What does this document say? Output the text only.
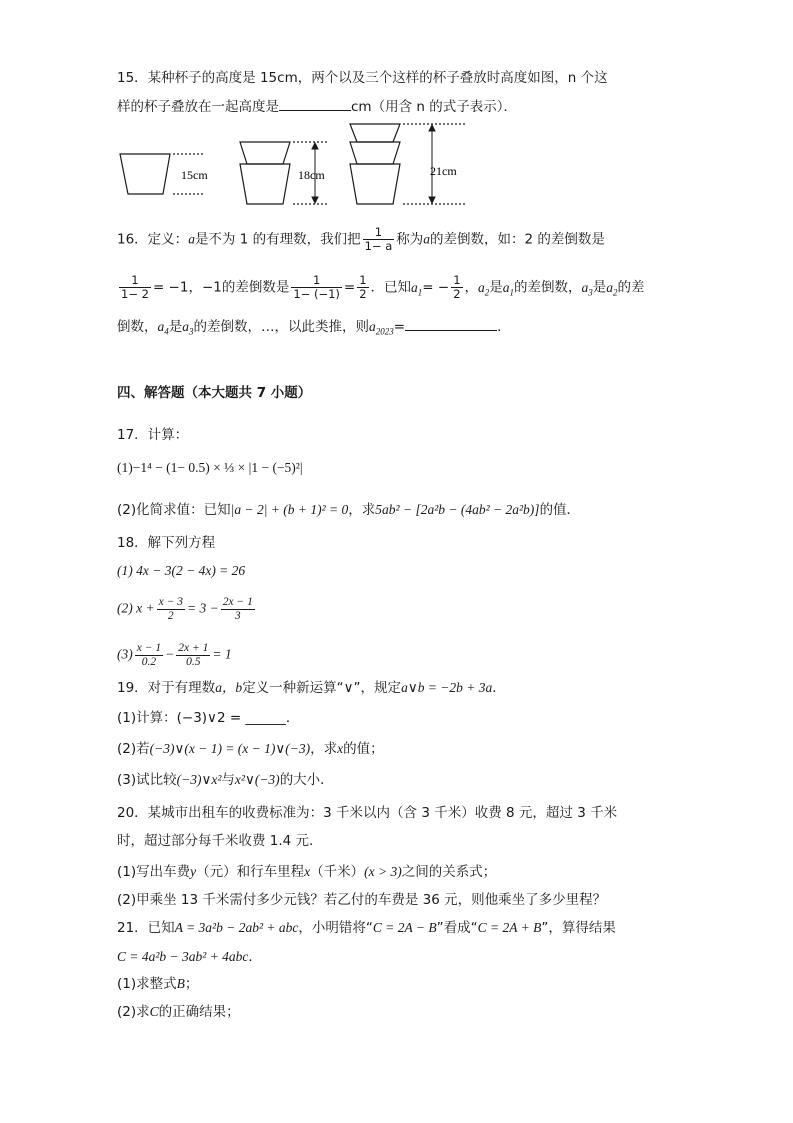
15．某种杯子的高度是 15cm，两个以及三个这样的杯子叠放时高度如图，n 个这
样的杯子叠放在一起高度是	cm（用含 n 的式子表示）．
15cm	18cm	21cm
16．定义：a是不为 1 的有理数，我们把 $\frac{1}{1- a}$ 称为a的差倒数，如：2 的差倒数是
$\frac{1}{1- 2} = -1$，−1的差倒数是 $\frac{1}{1- (-1)} = \frac{1}{2}$ ．已知$a_1= - \frac{1}{2}$ ，$a_2$是$a_1$的差倒数，$a_3$是$a_2$的差
倒数，$a_4$是$a_3$的差倒数，…，以此类推，则$a_{2023}=$	．
四、解答题（本大题共 7 小题）
17．计算：
(1)−1⁴ − (1− 0.5) × ⅓ × |1 − (−5)²|
(2)化简求值：已知|a − 2| + (b + 1)² = 0，求5ab² − [2a²b − (4ab² − 2a²b)]的值．
18．解下列方程
(1) 4x − 3(2 − 4x) = 26
(2) $x + \frac{x - 3}{2} = 3 - \frac{2x - 1}{3}$
$(3) \frac{x - 1}{0.2} - \frac{2x + 1}{0.5} = 1$
19．对于有理数a，b定义一种新运算“∨”，规定a∨b = −2b + 3a．
(1)计算：(−3)∨2 = ______．
(2)若(−3)∨(x − 1) = (x − 1)∨(−3)，求x的值；
(3)试比较(−3)∨x²与x²∨(−3)的大小．
20．某城市出租车的收费标准为：3 千米以内（含 3 千米）收费 8 元，超过 3 千米
时，超过部分每千米收费 1.4 元．
(1)写出车费y（元）和行车里程x（千米）(x > 3)之间的关系式；
(2)甲乘坐 13 千米需付多少元钱？若乙付的车费是 36 元，则他乘坐了多少里程？
21．已知A = 3a²b − 2ab² + abc，小明错将“C = 2A − B”看成“C = 2A + B”，算得结果
C = 4a²b − 3ab² + 4abc．
(1)求整式B；
(2)求C的正确结果；
